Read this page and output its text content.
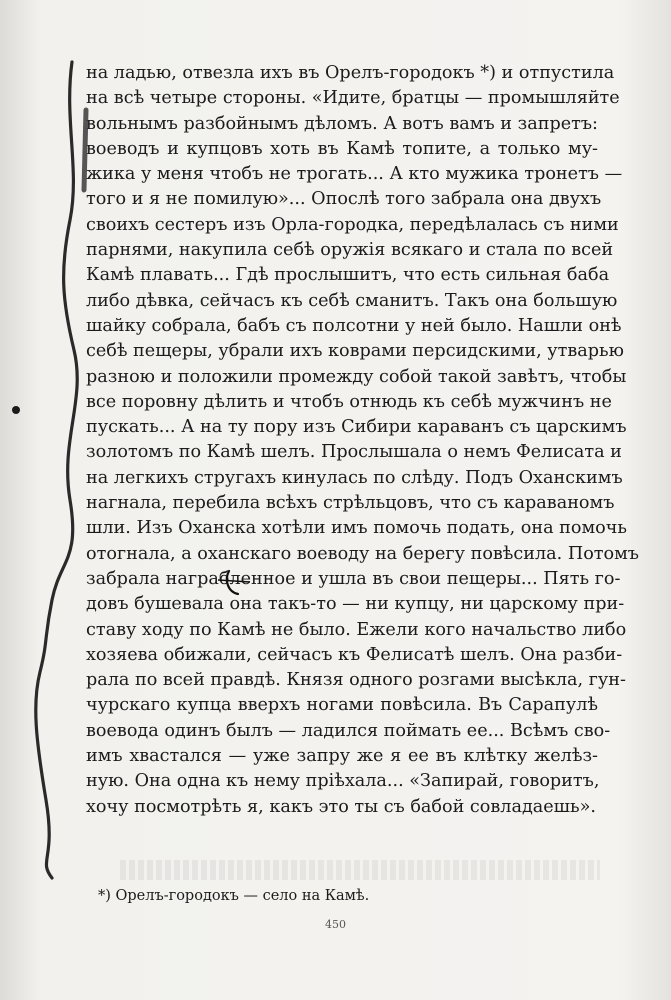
на ладью, отвезла ихъ въ Орелъ-городокъ *) и отпустила
на всѣ четыре стороны. «Идите, братцы — промышляйте
вольнымъ разбойнымъ дѣломъ. А вотъ вамъ и запретъ:
воеводъ и купцовъ хоть въ Камѣ топите, а только му-
жика у меня чтобъ не трогать... А кто мужика тронетъ —
того и я не помилую»... Опослѣ того забрала она двухъ
своихъ сестеръ изъ Орла-городка, передѣлалась съ ними
парнями, накупила себѣ оружiя всякаго и стала по всей
Камѣ плавать... Гдѣ прослышитъ, что есть сильная баба
либо дѣвка, сейчасъ къ себѣ сманитъ. Такъ она большую
шайку собрала, бабъ съ полсотни у ней было. Нашли онѣ
себѣ пещеры, убрали ихъ коврами персидскими, утварью
разною и положили промежду собой такой завѣтъ, чтобы
все поровну дѣлить и чтобъ отнюдь къ себѣ мужчинъ не
пускать... А на ту пору изъ Сибири караванъ съ царскимъ
золотомъ по Камѣ шелъ. Прослышала о немъ Фелисата и
на легкихъ стругахъ кинулась по слѣду. Подъ Оханскимъ
нагнала, перебила всѣхъ стрѣльцовъ, что съ караваномъ
шли. Изъ Оханска хотѣли имъ помочь подать, она помочь
отогнала, а оханскаго воеводу на берегу повѣсила. Потомъ
забрала награбленное и ушла въ свои пещеры... Пять го-
довъ бушевала она такъ-то — ни купцу, ни царскому при-
ставу ходу по Камѣ не было. Ежели кого начальство либо
хозяева обижали, сейчасъ къ Фелисатѣ шелъ. Она разби-
рала по всей правдѣ. Князя одного розгами высѣкла, гун-
чурскаго купца вверхъ ногами повѣсила. Въ Сарапулѣ
воевода одинъ былъ — ладился поймать ее... Всѣмъ сво-
имъ хвастался — уже запру же я ее въ клѣтку желѣз-
ную. Она одна къ нему прiѣхала... «Запирай, говоритъ,
хочу посмотрѣть я, какъ это ты съ бабой совладаешь».
*) Орелъ-городокъ — село на Камѣ.
450
